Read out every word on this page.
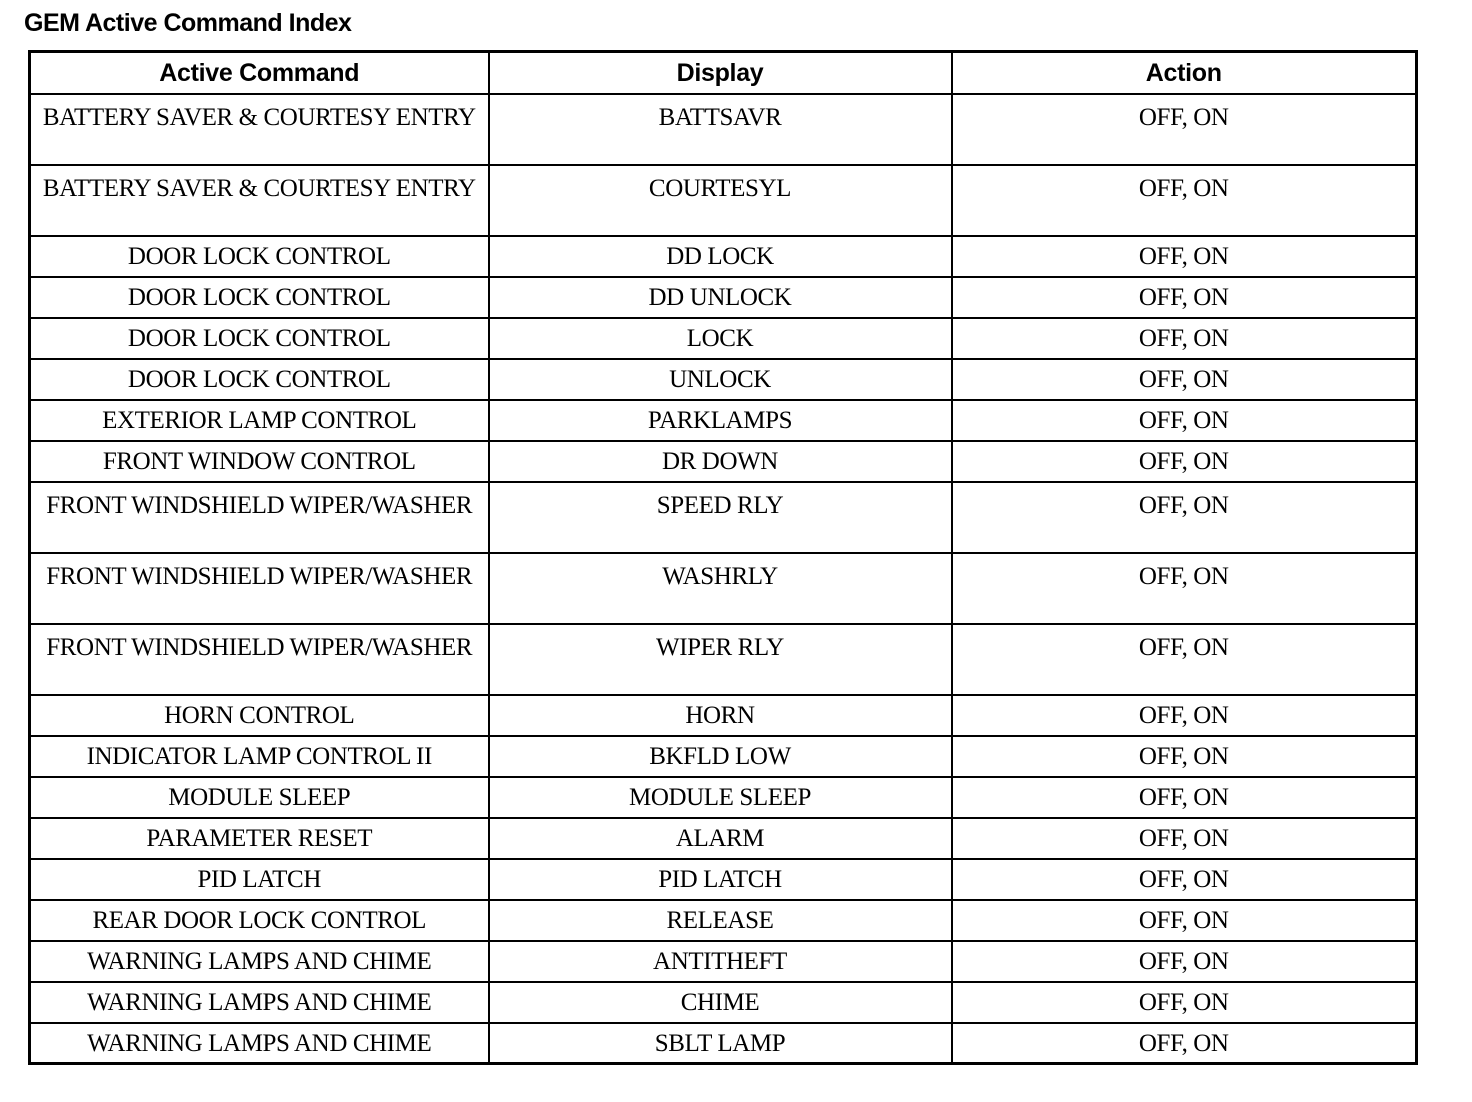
GEM Active Command Index
Active Command	Display	Action
BATTERY SAVER & COURTESY ENTRY	BATTSAVR	OFF, ON
BATTERY SAVER & COURTESY ENTRY	COURTESYL	OFF, ON
DOOR LOCK CONTROL	DD LOCK	OFF, ON
DOOR LOCK CONTROL	DD UNLOCK	OFF, ON
DOOR LOCK CONTROL	LOCK	OFF, ON
DOOR LOCK CONTROL	UNLOCK	OFF, ON
EXTERIOR LAMP CONTROL	PARKLAMPS	OFF, ON
FRONT WINDOW CONTROL	DR DOWN	OFF, ON
FRONT WINDSHIELD WIPER/WASHER	SPEED RLY	OFF, ON
FRONT WINDSHIELD WIPER/WASHER	WASHRLY	OFF, ON
FRONT WINDSHIELD WIPER/WASHER	WIPER RLY	OFF, ON
HORN CONTROL	HORN	OFF, ON
INDICATOR LAMP CONTROL II	BKFLD LOW	OFF, ON
MODULE SLEEP	MODULE SLEEP	OFF, ON
PARAMETER RESET	ALARM	OFF, ON
PID LATCH	PID LATCH	OFF, ON
REAR DOOR LOCK CONTROL	RELEASE	OFF, ON
WARNING LAMPS AND CHIME	ANTITHEFT	OFF, ON
WARNING LAMPS AND CHIME	CHIME	OFF, ON
WARNING LAMPS AND CHIME	SBLT LAMP	OFF, ON
